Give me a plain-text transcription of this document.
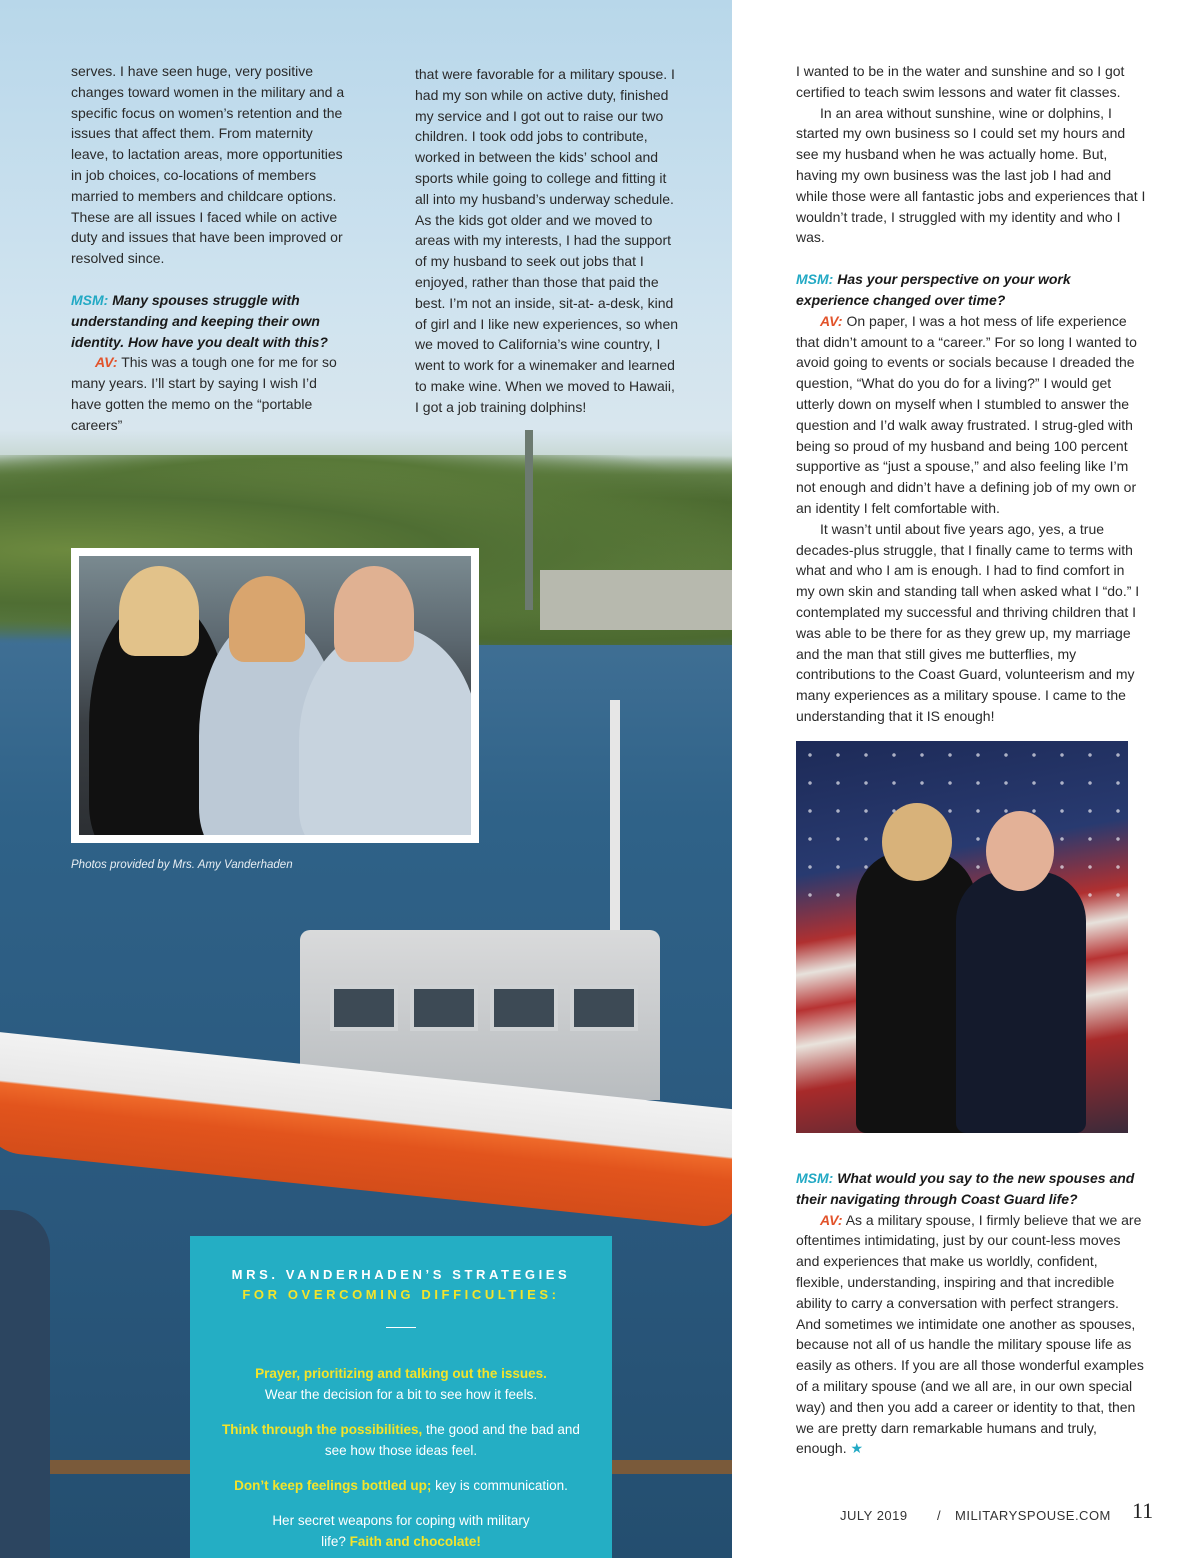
serves. I have seen huge, very positive changes toward women in the military and a specific focus on women’s retention and the issues that affect them. From maternity leave, to lactation areas, more opportunities in job choices, co-locations of members married to members and childcare options. These are all issues I faced while on active duty and issues that have been improved or resolved since.

MSM: Many spouses struggle with understanding and keeping their own identity. How have you dealt with this?

AV: This was a tough one for me for so many years. I’ll start by saying I wish I’d have gotten the memo on the “portable careers”

that were favorable for a military spouse. I had my son while on active duty, finished my service and I got out to raise our two children. I took odd jobs to contribute, worked in between the kids’ school and sports while going to college and fitting it all into my husband’s underway schedule. As the kids got older and we moved to areas with my interests, I had the support of my husband to seek out jobs that I enjoyed, rather than those that paid the best. I’m not an inside, sit-at- a-desk, kind of girl and I like new experiences, so when we moved to California’s wine country, I went to work for a winemaker and learned to make wine. When we moved to Hawaii, I got a job training dolphins!

I wanted to be in the water and sunshine and so I got certified to teach swim lessons and water fit classes.

In an area without sunshine, wine or dolphins, I started my own business so I could set my hours and see my husband when he was actually home. But, having my own business was the last job I had and while those were all fantastic jobs and experiences that I wouldn’t trade, I struggled with my identity and who I was.

MSM: Has your perspective on your work experience changed over time?

AV: On paper, I was a hot mess of life experience that didn’t amount to a “career.” For so long I wanted to avoid going to events or socials because I dreaded the question, “What do you do for a living?” I would get utterly down on myself when I stumbled to answer the question and I’d walk away frustrated. I strug-gled with being so proud of my husband and being 100 percent supportive as “just a spouse,” and also feeling like I’m not enough and didn’t have a defining job of my own or an identity I felt comfortable with.

It wasn’t until about five years ago, yes, a true decades-plus struggle, that I finally came to terms with what and who I am is enough. I had to find comfort in my own skin and standing tall when asked what I “do.” I contemplated my successful and thriving children that I was able to be there for as they grew up, my marriage and the man that still gives me butterflies, my contributions to the Coast Guard, volunteerism and my many experiences as a military spouse. I came to the understanding that it IS enough!

Photos provided by Mrs. Amy Vanderhaden

MSM: What would you say to the new spouses and their navigating through Coast Guard life?

AV: As a military spouse, I firmly believe that we are oftentimes intimidating, just by our count-less moves and experiences that make us worldly, confident, flexible, understanding, inspiring and that incredible ability to carry a conversation with perfect strangers. And sometimes we intimidate one another as spouses, because not all of us handle the military spouse life as easily as others. If you are all those wonderful examples of a military spouse (and we all are, in our own special way) and then you add a career or identity to that, then we are pretty darn remarkable humans and truly, enough. ★

MRS. VANDERHADEN’S STRATEGIES
FOR OVERCOMING DIFFICULTIES:
Prayer, prioritizing and talking out the issues.
Wear the decision for a bit to see how it feels.
Think through the possibilities, the good and the bad and see how those ideas feel.
Don’t keep feelings bottled up; key is communication.
Her secret weapons for coping with military life? Faith and chocolate!
JULY 2019 / MILITARYSPOUSE.COM 11
